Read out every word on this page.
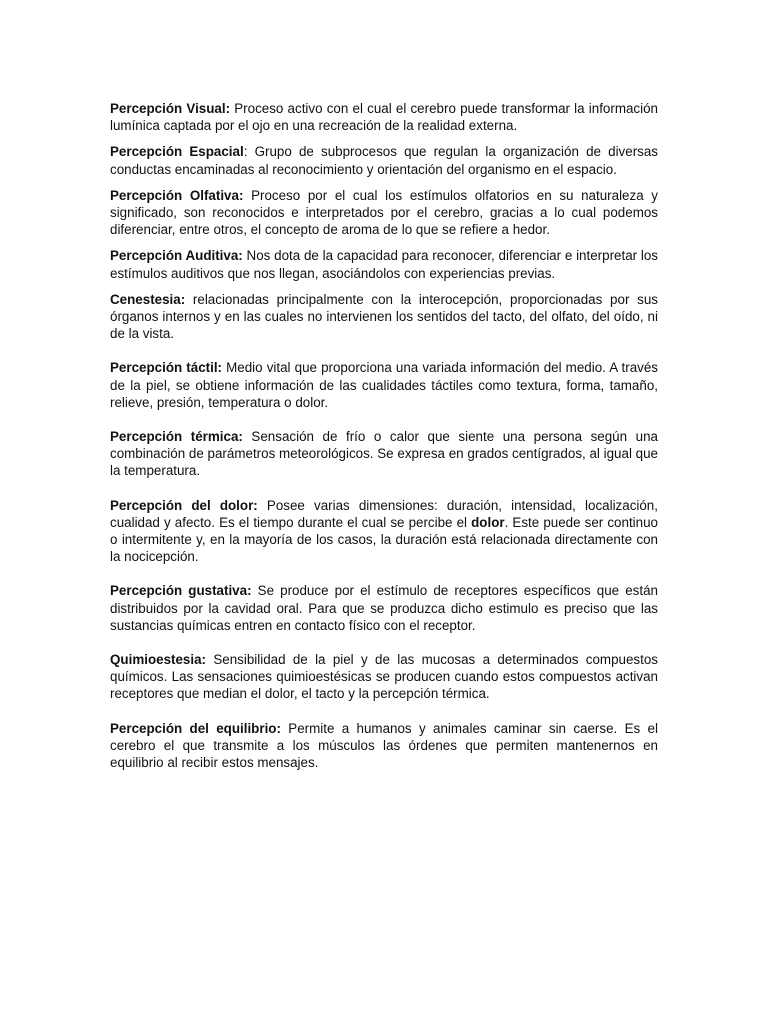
Percepción Visual: Proceso activo con el cual el cerebro puede transformar la información lumínica captada por el ojo en una recreación de la realidad externa.

Percepción Espacial: Grupo de subprocesos que regulan la organización de diversas conductas encaminadas al reconocimiento y orientación del organismo en el espacio.

Percepción Olfativa: Proceso por el cual los estímulos olfatorios en su naturaleza y significado, son reconocidos e interpretados por el cerebro, gracias a lo cual podemos diferenciar, entre otros, el concepto de aroma de lo que se refiere a hedor.

Percepción Auditiva: Nos dota de la capacidad para reconocer, diferenciar e interpretar los estímulos auditivos que nos llegan, asociándolos con experiencias previas.

Cenestesia: relacionadas principalmente con la interocepción, proporcionadas por sus órganos internos y en las cuales no intervienen los sentidos del tacto, del olfato, del oído, ni de la vista.

Percepción táctil: Medio vital que proporciona una variada información del medio. A través de la piel, se obtiene información de las cualidades táctiles como textura, forma, tamaño, relieve, presión, temperatura o dolor.

Percepción térmica: Sensación de frío o calor que siente una persona según una combinación de parámetros meteorológicos. Se expresa en grados centígrados, al igual que la temperatura.

Percepción del dolor: Posee varias dimensiones: duración, intensidad, localización, cualidad y afecto. Es el tiempo durante el cual se percibe el dolor. Este puede ser continuo o intermitente y, en la mayoría de los casos, la duración está relacionada directamente con la nocicepción.

Percepción gustativa: Se produce por el estímulo de receptores específicos que están distribuidos por la cavidad oral. Para que se produzca dicho estimulo es preciso que las sustancias químicas entren en contacto físico con el receptor.

Quimioestesia: Sensibilidad de la piel y de las mucosas a determinados compuestos químicos. Las sensaciones quimioestésicas se producen cuando estos compuestos activan receptores que median el dolor, el tacto y la percepción térmica.

Percepción del equilibrio: Permite a humanos y animales caminar sin caerse. Es el cerebro el que transmite a los músculos las órdenes que permiten mantenernos en equilibrio al recibir estos mensajes.
